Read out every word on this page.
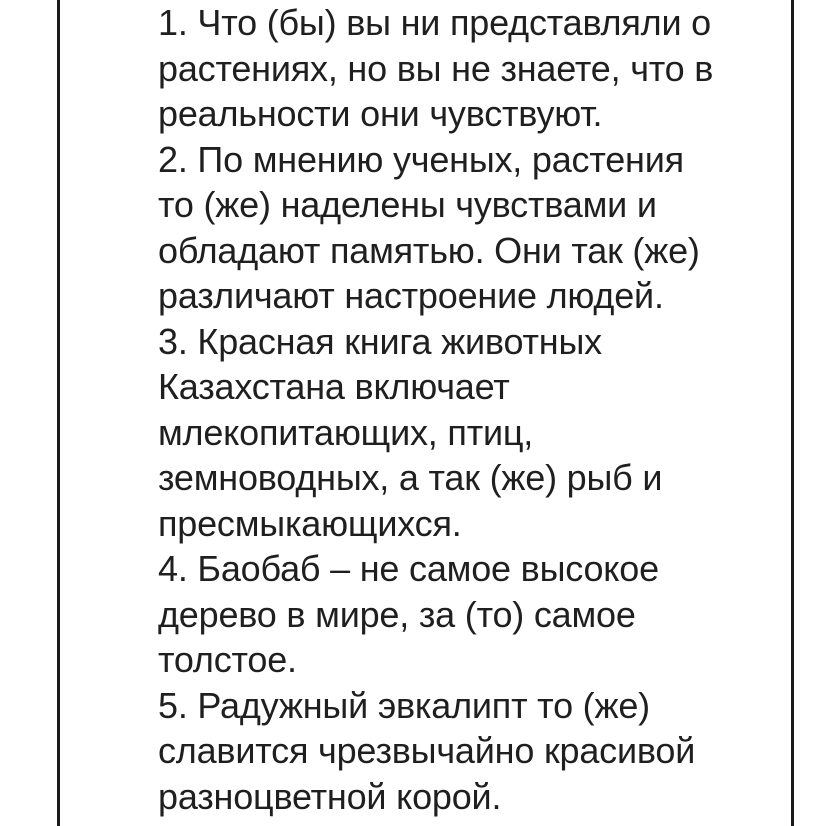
1. Что (бы) вы ни представляли о
растениях, но вы не знаете, что в
реальности они чувствуют.
2. По мнению ученых, растения
то (же) наделены чувствами и
обладают памятью. Они так (же)
различают настроение людей.
3. Красная книга животных
Казахстана включает
млекопитающих, птиц,
земноводных, а так (же) рыб и
пресмыкающихся.
4. Баобаб – не самое высокое
дерево в мире, за (то) самое
толстое.
5. Радужный эвкалипт то (же)
славится чрезвычайно красивой
разноцветной корой.
